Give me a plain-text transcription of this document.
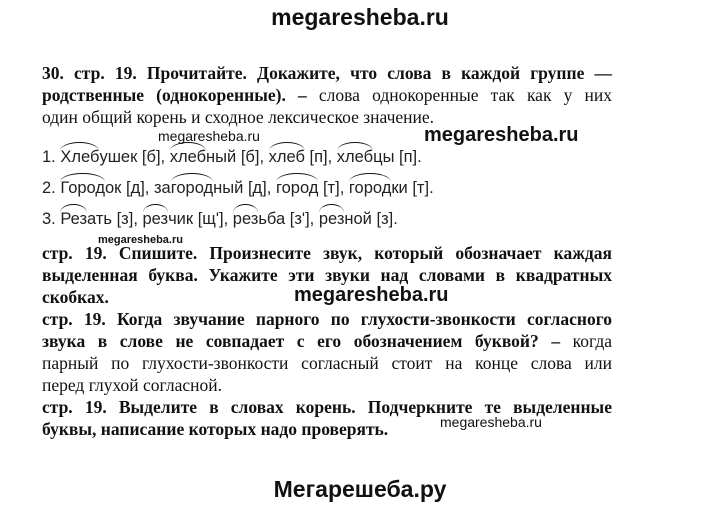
megaresheba.ru
megaresheba.ru	megaresheba.ru
megaresheba.ru
megaresheba.ru
megaresheba.ru
Мегарешеба.ру
30. стр. 19. Прочитайте. Докажите, что слова в каждой группе —
родственные (однокоренные). – слова однокоренные так как у них
один общий корень и сходное лексическое значение.
1. Хлебушек [б], хлебный [б], хлеб [п], хлебцы [п].
2. Городок [д], загородный [д], город [т], городки [т].
3. Резать [з], резчик [щ'], резьба [з'], резной [з].
стр. 19. Спишите. Произнесите звук, который обозначает каждая
выделенная буква. Укажите эти звуки над словами в квадратных
скобках.
стр. 19. Когда звучание парного по глухости-звонкости согласного
звука в слове не совпадает с его обозначением буквой? – когда
парный по глухости-звонкости согласный стоит на конце слова или
перед глухой согласной.
стр. 19. Выделите в словах корень. Подчеркните те выделенные
буквы, написание которых надо проверять.
